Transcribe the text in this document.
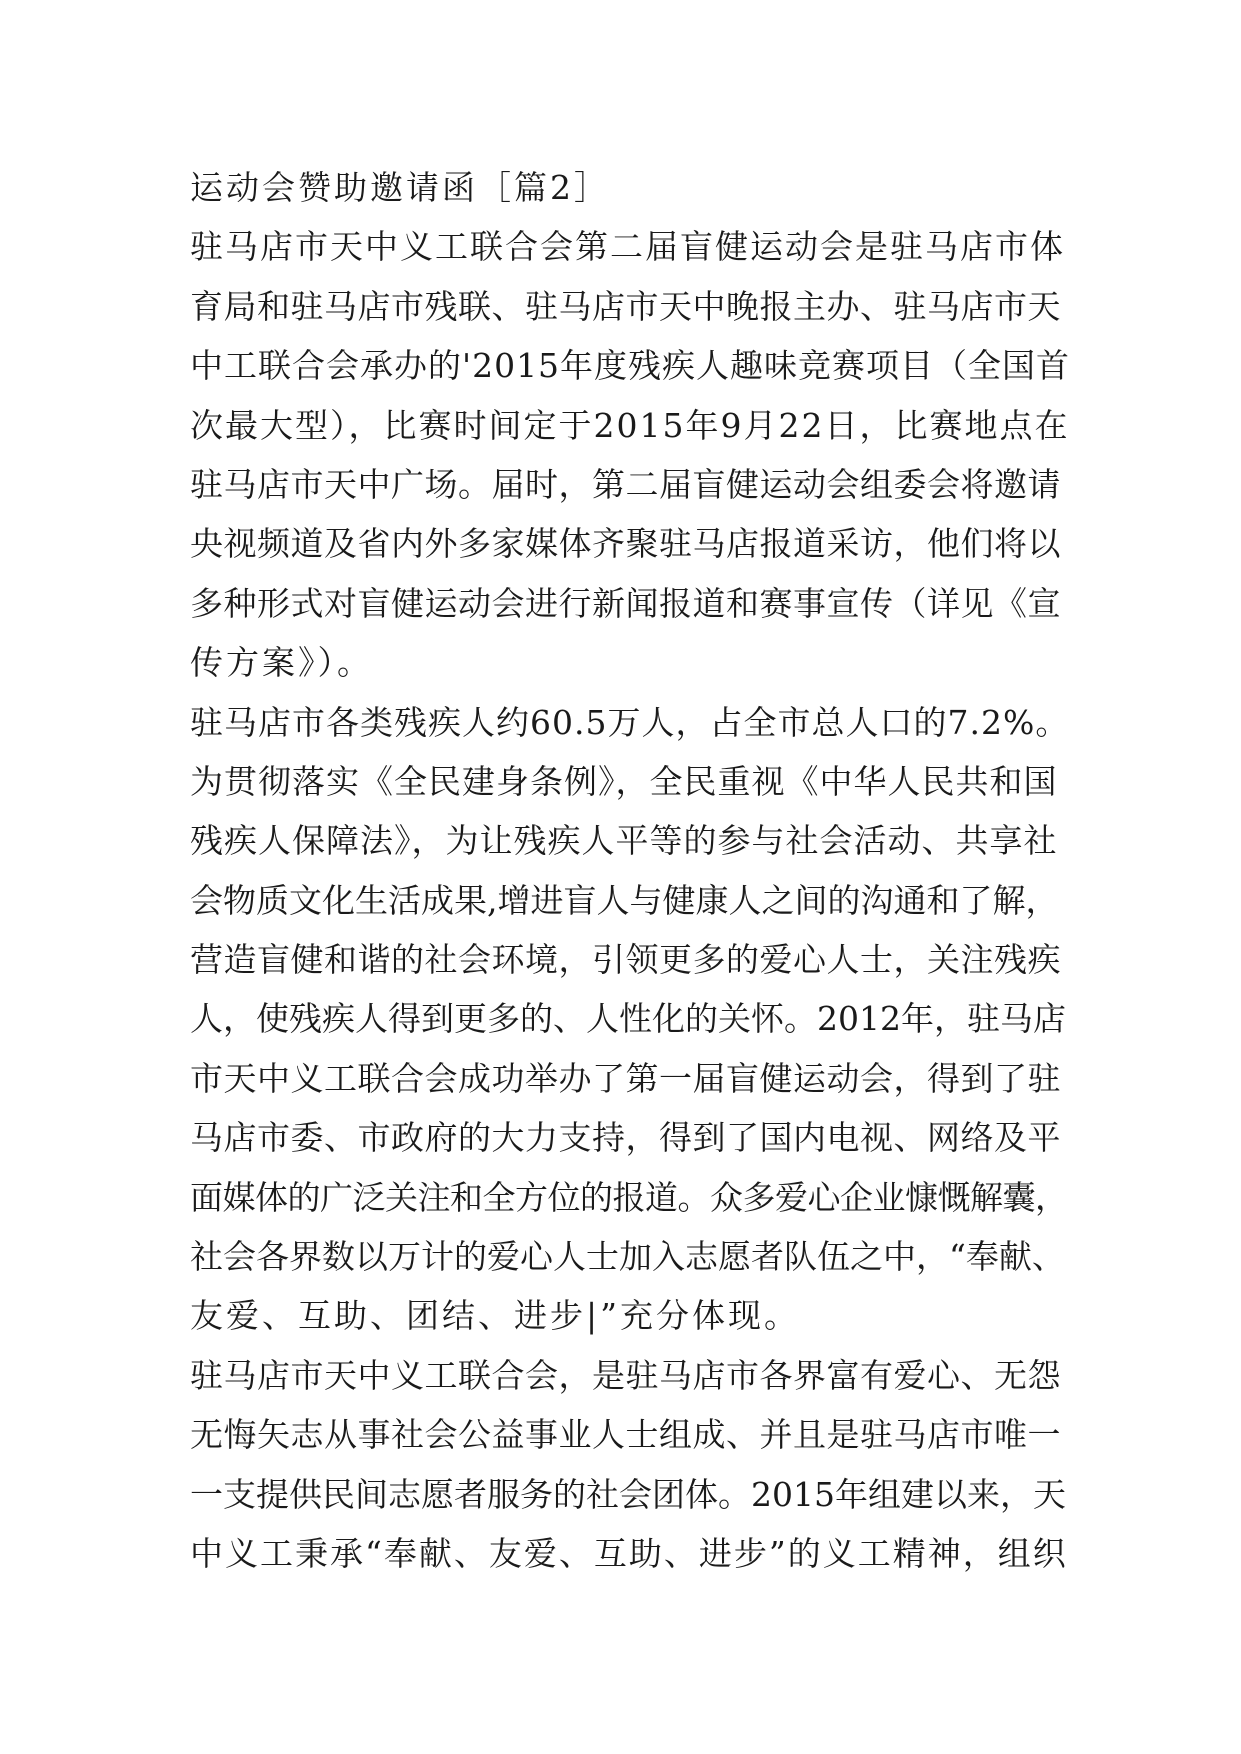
运动会赞助邀请函［篇2］
驻马店市天中义工联合会第二届盲健运动会是驻马店市体
育局和驻马店市残联、驻马店市天中晚报主办、驻马店市天
中工联合会承办的'2015年度残疾人趣味竞赛项目（全国首
次最大型），比赛时间定于2015年9月22日，比赛地点在
驻马店市天中广场。届时，第二届盲健运动会组委会将邀请
央视频道及省内外多家媒体齐聚驻马店报道采访，他们将以
多种形式对盲健运动会进行新闻报道和赛事宣传（详见《宣
传方案》）。
驻马店市各类残疾人约60.5万人，占全市总人口的7.2%。
为贯彻落实《全民建身条例》，全民重视《中华人民共和国
残疾人保障法》，为让残疾人平等的参与社会活动、共享社
会物质文化生活成果,增进盲人与健康人之间的沟通和了解，
营造盲健和谐的社会环境，引领更多的爱心人士，关注残疾
人，使残疾人得到更多的、人性化的关怀。2012年，驻马店
市天中义工联合会成功举办了第一届盲健运动会，得到了驻
马店市委、市政府的大力支持，得到了国内电视、网络及平
面媒体的广泛关注和全方位的报道。众多爱心企业慷慨解囊，
社会各界数以万计的爱心人士加入志愿者队伍之中，“奉献、
友爱、互助、团结、进步|”充分体现。
驻马店市天中义工联合会，是驻马店市各界富有爱心、无怨
无悔矢志从事社会公益事业人士组成、并且是驻马店市唯一
一支提供民间志愿者服务的社会团体。2015年组建以来，天
中义工秉承“奉献、友爱、互助、进步”的义工精神，组织
